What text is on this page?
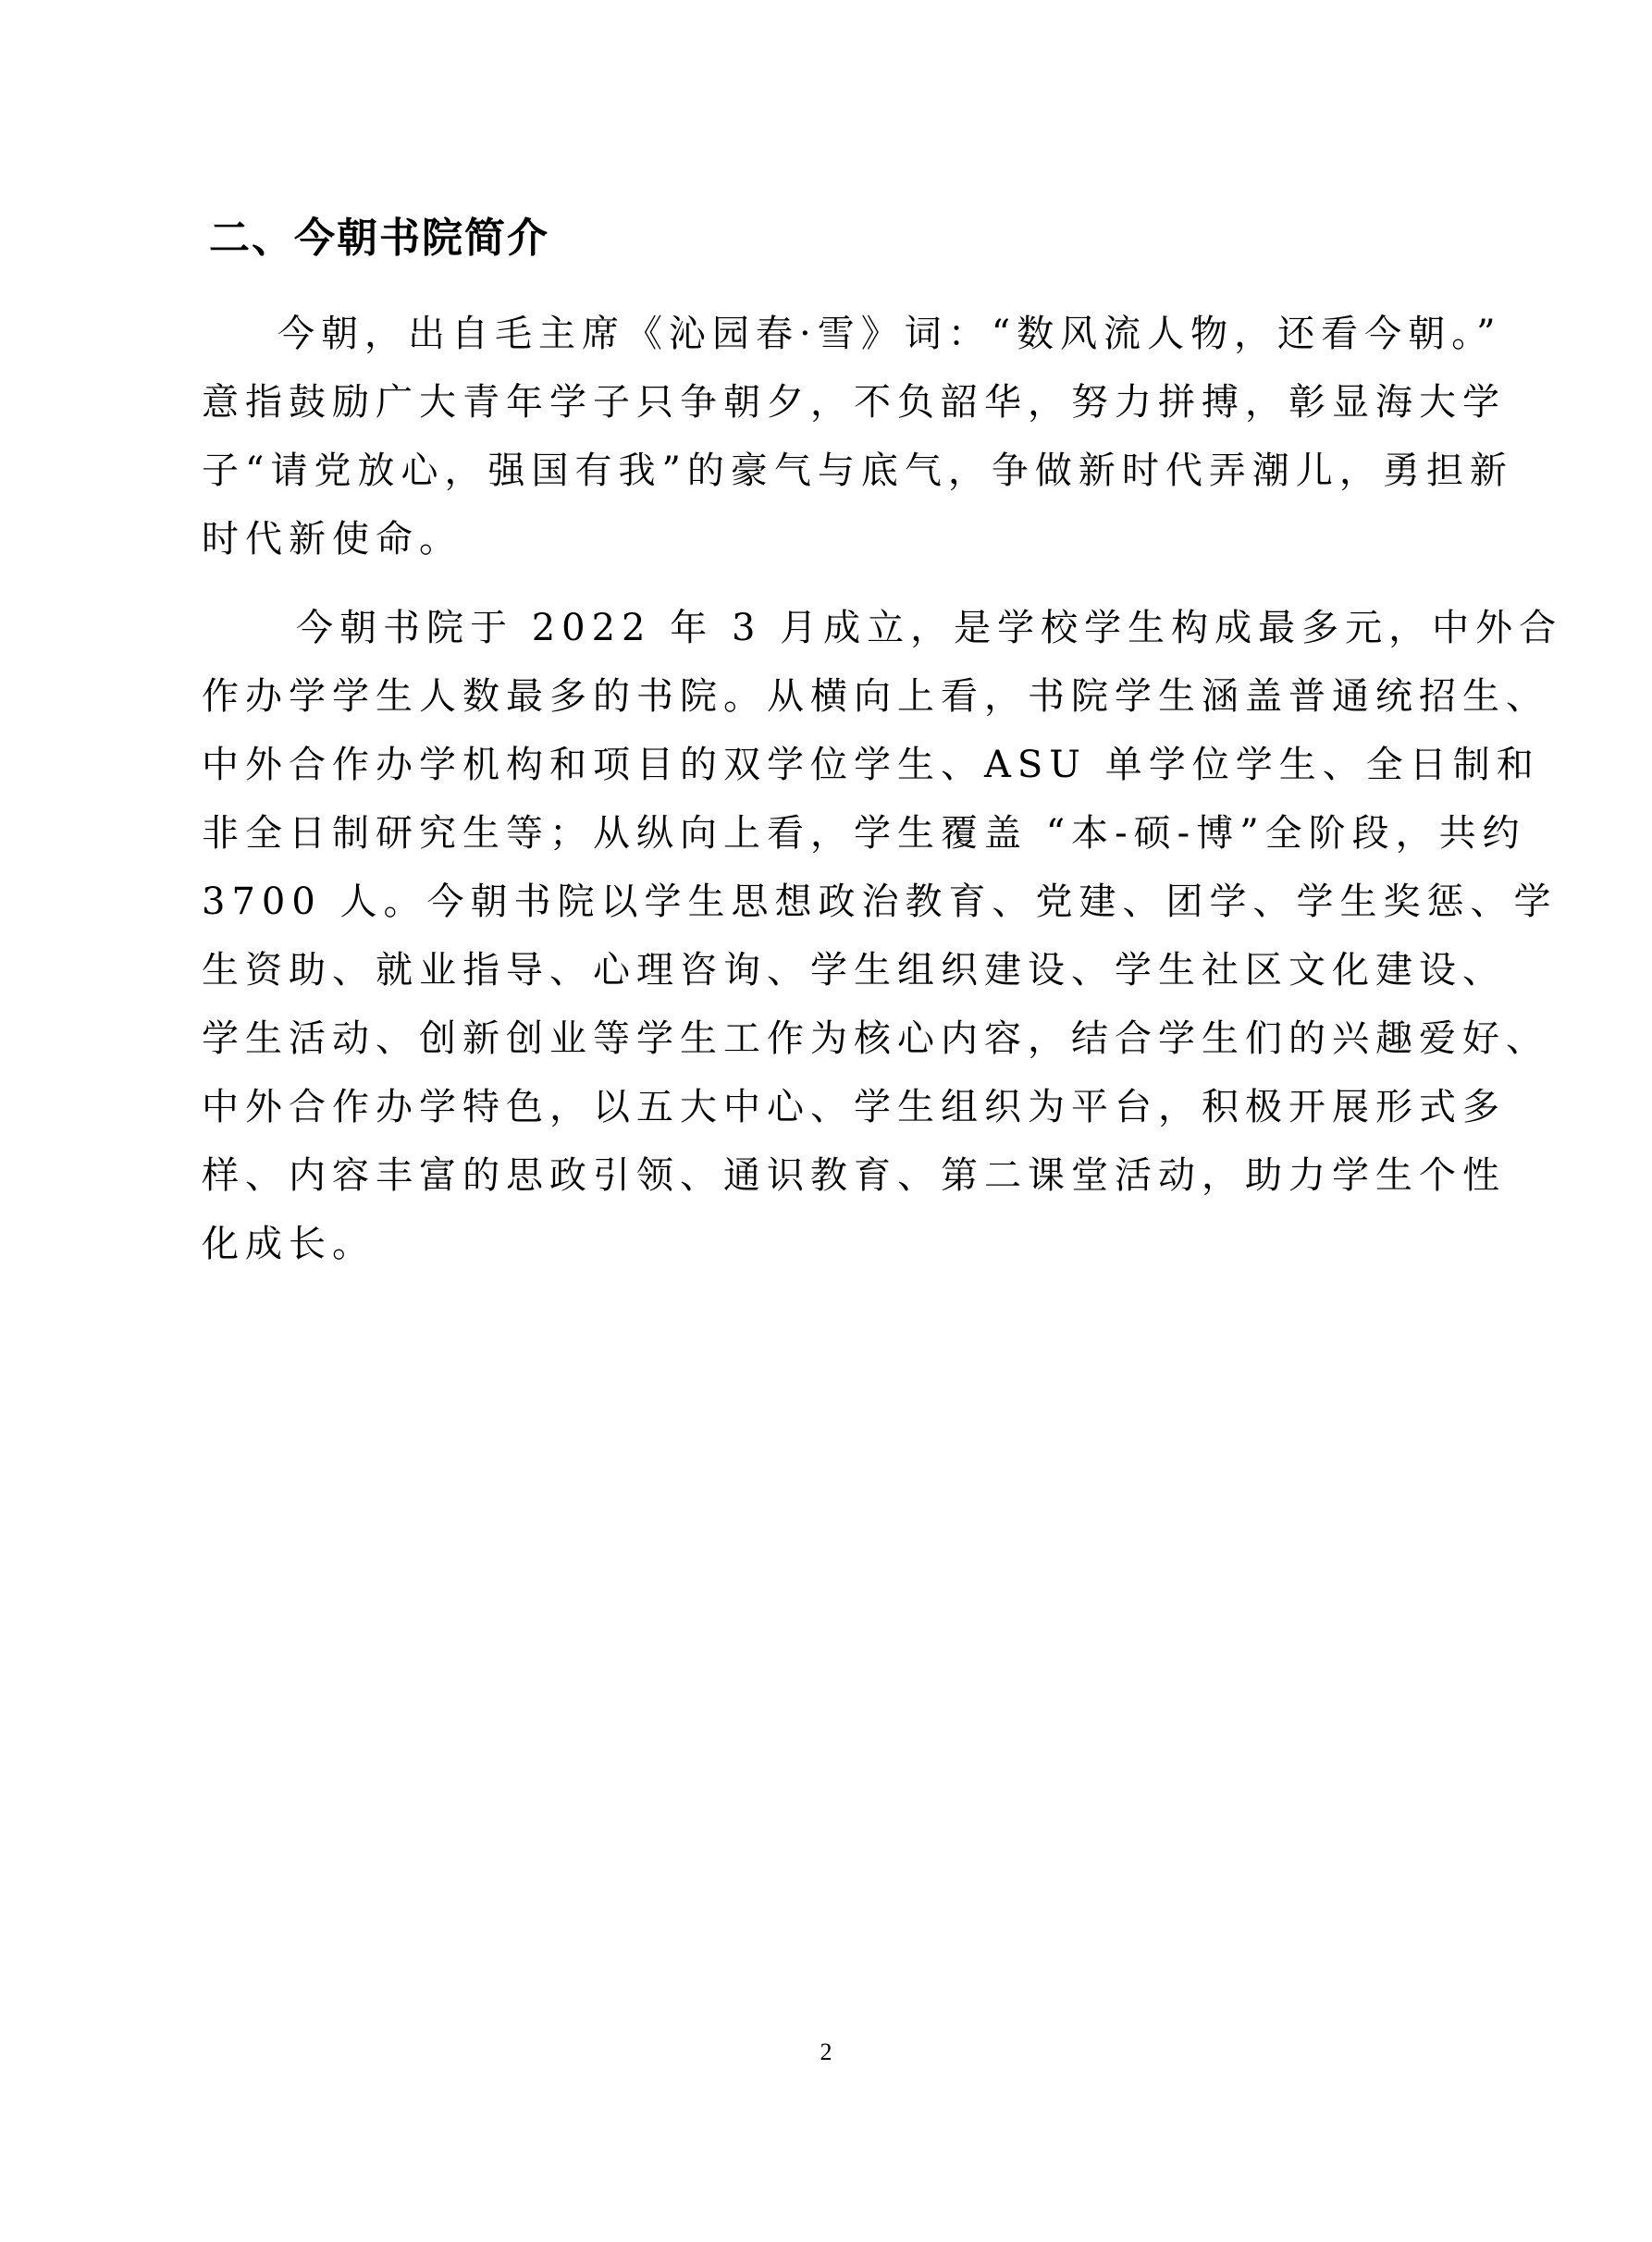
二、今朝书院简介

今朝，出自毛主席《沁园春·雪》词：“数风流人物，还看今朝。”

意指鼓励广大青年学子只争朝夕，不负韶华，努力拼搏，彰显海大学

子“请党放心，强国有我”的豪气与底气，争做新时代弄潮儿，勇担新

时代新使命。

今朝书院于 2022 年 3 月成立，是学校学生构成最多元，中外合

作办学学生人数最多的书院。从横向上看，书院学生涵盖普通统招生、

中外合作办学机构和项目的双学位学生、ASU 单学位学生、全日制和

非全日制研究生等；从纵向上看，学生覆盖 “本-硕-博”全阶段，共约

3700 人。今朝书院以学生思想政治教育、党建、团学、学生奖惩、学

生资助、就业指导、心理咨询、学生组织建设、学生社区文化建设、

学生活动、创新创业等学生工作为核心内容，结合学生们的兴趣爱好、

中外合作办学特色，以五大中心、学生组织为平台，积极开展形式多

样、内容丰富的思政引领、通识教育、第二课堂活动，助力学生个性

化成长。

2
